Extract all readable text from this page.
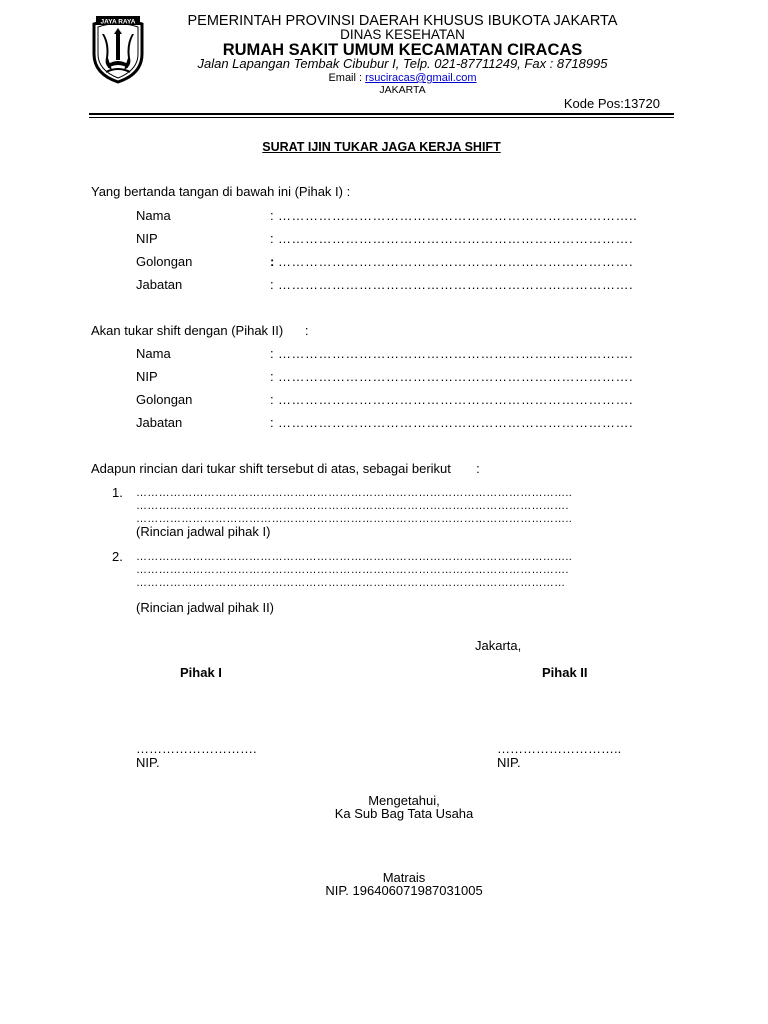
JAYA RAYA	PEMERINTAH PROVINSI DAERAH KHUSUS IBUKOTA JAKARTA
DINAS KESEHATAN
RUMAH SAKIT UMUM KECAMATAN CIRACAS
Jalan Lapangan Tembak Cibubur I, Telp. 021-87711249, Fax : 8718995
Email : rsuciracas@gmail.com
JAKARTA
Kode Pos:13720
SURAT IJIN TUKAR JAGA KERJA SHIFT
Yang bertanda tangan di bawah ini (Pihak I) :
Nama	: ……………………………………………………………………..
NIP	: …………………………………………………………………….
Golongan	: …………………………………………………………………….
Jabatan	: …………………………………………………………………….
Akan tukar shift dengan (Pihak II)      :
Nama	: …………………………………………………………………….
NIP	: …………………………………………………………………….
Golongan	: …………………………………………………………………….
Jabatan	: …………………………………………………………………….
Adapun rincian dari tukar shift tersebut di atas, sebagai berikut       :
1. ……………………………………………………………………………………………………..
…………………………………………………………………………………………………….
……………………………………………………………………………………………………..
(Rincian jadwal pihak I)
2. ……………………………………………………………………………………………………..
…………………………………………………………………………………………………….
……………………………………………………………………………………………………
(Rincian jadwal pihak II)
Jakarta,
Pihak I	Pihak II
……………………….	………………………..
NIP.	NIP.
Mengetahui,
Ka Sub Bag Tata Usaha
Matrais
NIP. 196406071987031005
